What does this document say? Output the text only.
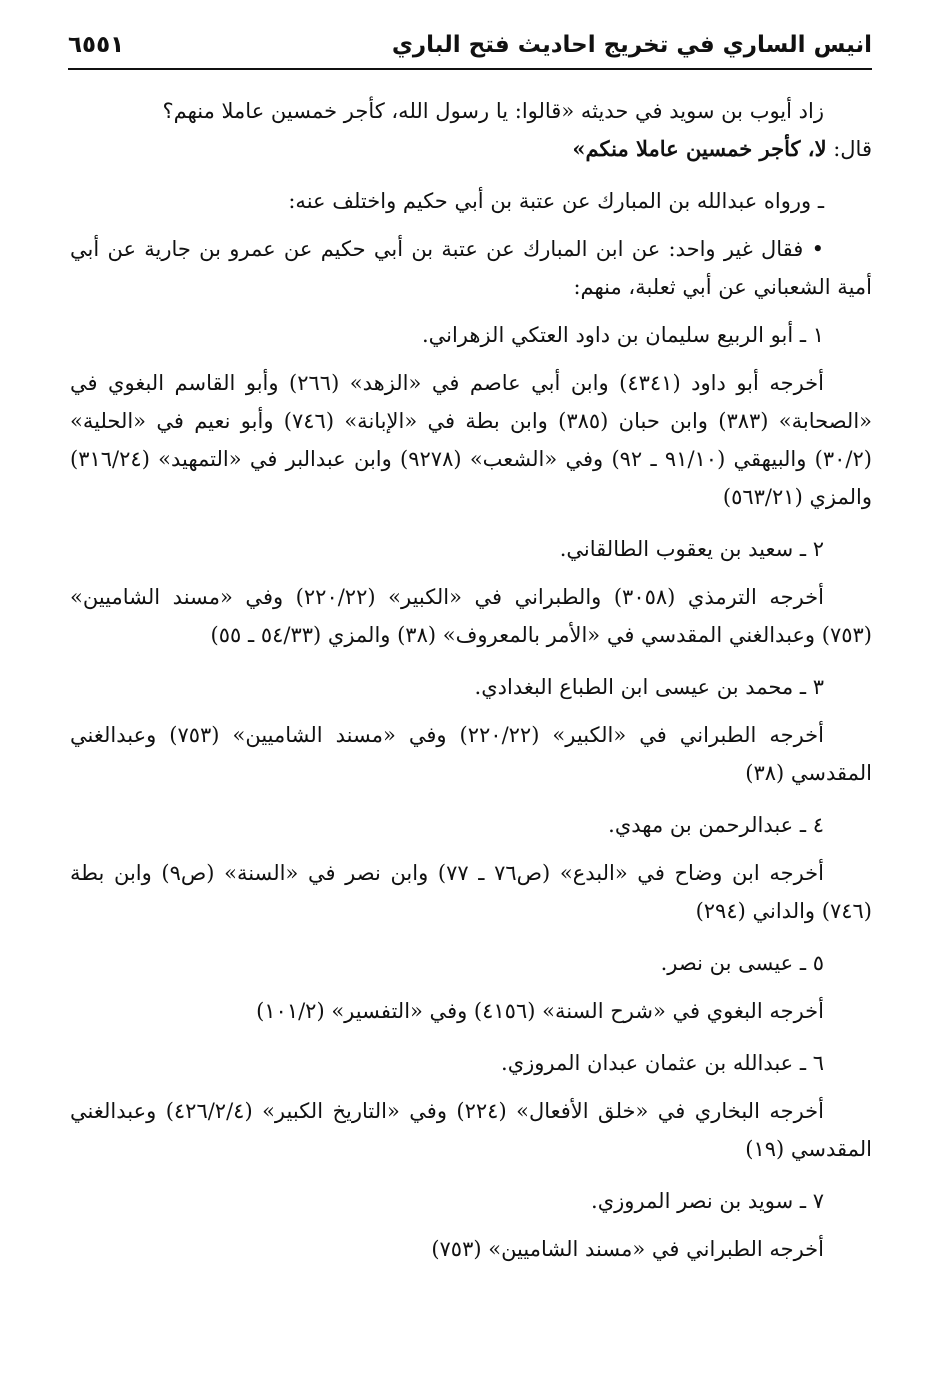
انيس الساري في تخريج احاديث فتح الباري
٦٥٥١

زاد أيوب بن سويد في حديثه «قالوا: يا رسول الله، كأجر خمسين عاملا منهم؟
قال: لا، كأجر خمسين عاملا منكم»

ـ ورواه عبدالله بن المبارك عن عتبة بن أبي حكيم واختلف عنه:

• فقال غير واحد: عن ابن المبارك عن عتبة بن أبي حكيم عن عمرو بن جارية عن أبي أمية الشعباني عن أبي ثعلبة، منهم:

١ ـ أبو الربيع سليمان بن داود العتكي الزهراني.

أخرجه أبو داود (٤٣٤١) وابن أبي عاصم في «الزهد» (٢٦٦) وأبو القاسم البغوي في «الصحابة» (٣٨٣) وابن حبان (٣٨٥) وابن بطة في «الإبانة» (٧٤٦) وأبو نعيم في «الحلية» (٣٠/٢) والبيهقي (٩١/١٠ ـ ٩٢) وفي «الشعب» (٩٢٧٨) وابن عبدالبر في «التمهيد» (٣١٦/٢٤) والمزي (٥٦٣/٢١)

٢ ـ سعيد بن يعقوب الطالقاني.

أخرجه الترمذي (٣٠٥٨) والطبراني في «الكبير» (٢٢٠/٢٢) وفي «مسند الشاميين» (٧٥٣) وعبدالغني المقدسي في «الأمر بالمعروف» (٣٨) والمزي (٥٤/٣٣ ـ ٥٥)

٣ ـ محمد بن عيسى ابن الطباع البغدادي.

أخرجه الطبراني في «الكبير» (٢٢٠/٢٢) وفي «مسند الشاميين» (٧٥٣) وعبدالغني المقدسي (٣٨)

٤ ـ عبدالرحمن بن مهدي.

أخرجه ابن وضاح في «البدع» (ص٧٦ ـ ٧٧) وابن نصر في «السنة» (ص٩) وابن بطة (٧٤٦) والداني (٢٩٤)

٥ ـ عيسى بن نصر.

أخرجه البغوي في «شرح السنة» (٤١٥٦) وفي «التفسير» (١٠١/٢)

٦ ـ عبدالله بن عثمان عبدان المروزي.

أخرجه البخاري في «خلق الأفعال» (٢٢٤) وفي «التاريخ الكبير» (٤٢٦/٢/٤) وعبدالغني المقدسي (١٩)

٧ ـ سويد بن نصر المروزي.

أخرجه الطبراني في «مسند الشاميين» (٧٥٣)
